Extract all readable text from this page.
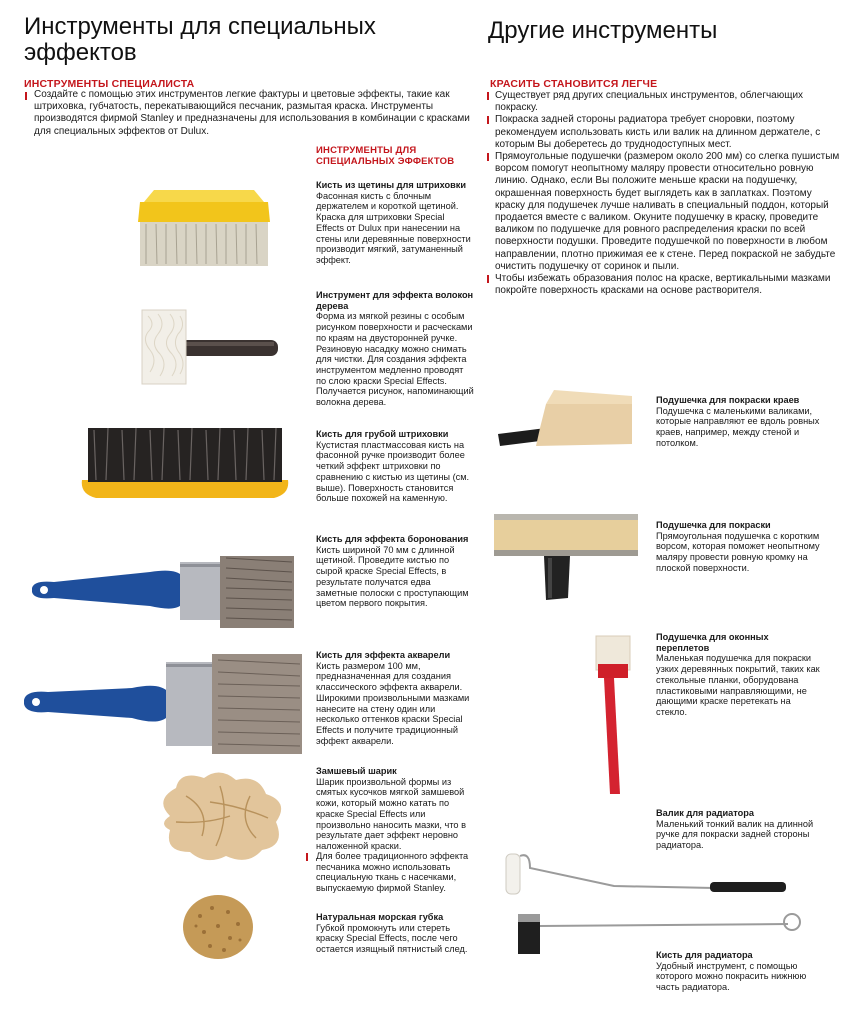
Инструменты для специальных эффектов
ИНСТРУМЕНТЫ СПЕЦИАЛИСТА
Создайте с помощью этих инструментов легкие фактуры и цветовые эффекты, такие как штриховка, губчатость, перекатывающийся песчаник, размытая краска. Инструменты производятся фирмой Stanley и предназначены для использования в комбинации с красками для специальных эффектов от Dulux.
ИНСТРУМЕНТЫ ДЛЯ СПЕЦИАЛЬНЫХ ЭФФЕКТОВ

Кисть из щетины для штриховки

Фасонная кисть с блочным держателем и короткой щетиной. Краска для штриховки Special Effects от Dulux при нанесении на стены или деревянные поверхности производит мягкий, затуманенный эффект.

Инструмент для эффекта волокон дерева

Форма из мягкой резины с особым рисунком поверхности и расческами по краям на двусторонней ручке. Резиновую насадку можно снимать для чистки. Для создания эффекта инструментом медленно проводят по слою краски Special Effects. Получается рисунок, напоминающий волокна дерева.

Кисть для грубой штриховки

Кустистая пластмассовая кисть на фасонной ручке производит более четкий эффект штриховки по сравнению с кистью из щетины (см. выше). Поверхность становится больше похожей на каменную.

Кисть для эффекта боронования

Кисть шириной 70 мм с длинной щетиной. Проведите кистью по сырой краске Special Effects, в результате получатся едва заметные полоски с проступающим цветом первого покрытия.

Кисть для эффекта акварели

Кисть размером 100 мм, предназначенная для создания классического эффекта акварели. Широкими произвольными мазками нанесите на стену один или несколько оттенков краски Special Effects и получите традиционный эффект акварели.

Замшевый шарик

Шарик произвольной формы из смятых кусочков мягкой замшевой кожи, который можно катать по краске Special Effects или произвольно наносить мазки, что в результате дает эффект неровно наложенной краски.

Для более традиционного эффекта песчаника можно использовать специальную ткань с насечками, выпускаемую фирмой Stanley.

Натуральная морская губка

Губкой промокнуть или стереть краску Special Effects, после чего остается изящный пятнистый след.

Другие инструменты
КРАСИТЬ СТАНОВИТСЯ ЛЕГЧЕ

Существует ряд других специальных инструментов, облегчающих покраску.

Покраска задней стороны радиатора требует сноровки, поэтому рекомендуем использовать кисть или валик на длинном держателе, с которым Вы доберетесь до труднодоступных мест.

Прямоугольные подушечки (размером около 200 мм) со слегка пушистым ворсом помогут неопытному маляру провести относительно ровную линию. Однако, если Вы положите меньше краски на подушечку, окрашенная поверхность будет выглядеть как в заплатках. Поэтому краску для подушечек лучше наливать в специальный поддон, который продается вместе с валиком. Окуните подушечку в краску, проведите валиком по подушечке для ровного распределения краски по всей поверхности подушки. Проведите подушечкой по поверхности в любом направлении, плотно прижимая ее к стене. Перед покраской не забудьте очистить подушечку от соринок и пыли.

Чтобы избежать образования полос на краске, вертикальными мазками покройте поверхность красками на основе растворителя.

Подушечка для покраски краев

Подушечка с маленькими валиками, которые направляют ее вдоль ровных краев, например, между стеной и потолком.

Подушечка для покраски

Прямоугольная подушечка с коротким ворсом, которая поможет неопытному маляру провести ровную кромку на плоской поверхности.

Подушечка для оконных переплетов

Маленькая подушечка для покраски узких деревянных покрытий, таких как стекольные планки, оборудована пластиковыми направляющими, не дающими краске перетекать на стекло.

Валик для радиатора

Маленький тонкий валик на длинной ручке для покраски задней стороны радиатора.

Кисть для радиатора

Удобный инструмент, с помощью которого можно покрасить нижнюю часть радиатора.
